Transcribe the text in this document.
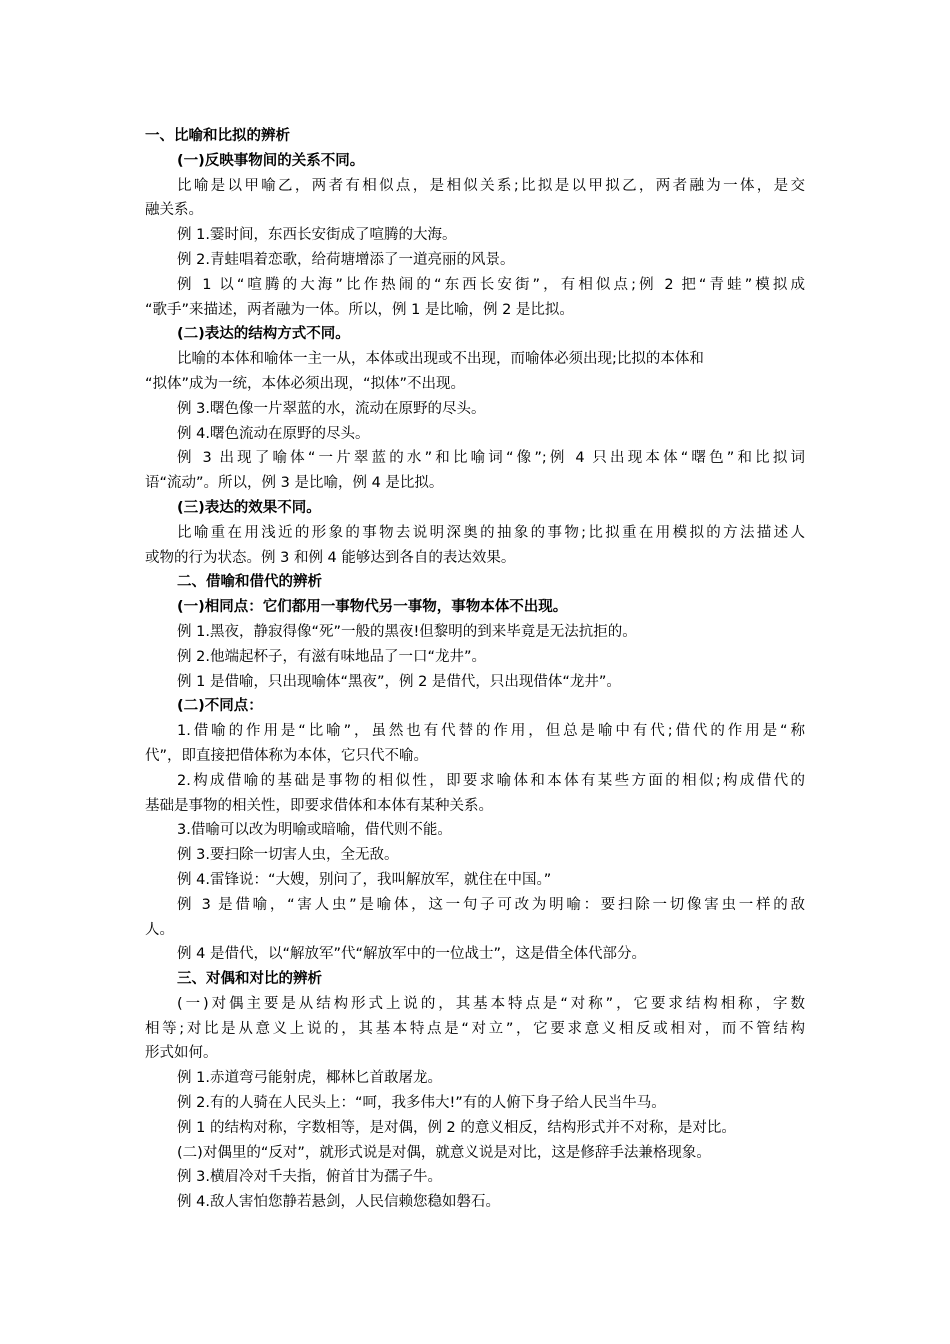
一、比喻和比拟的辨析
(一)反映事物间的关系不同。
比喻是以甲喻乙，两者有相似点，是相似关系;比拟是以甲拟乙，两者融为一体，是交
融关系。
例 1.霎时间，东西长安街成了喧腾的大海。
例 2.青蛙唱着恋歌，给荷塘增添了一道亮丽的风景。
例 1 以“喧腾的大海”比作热闹的“东西长安街”，有相似点;例 2 把“青蛙”模拟成
“歌手”来描述，两者融为一体。所以，例 1 是比喻，例 2 是比拟。
(二)表达的结构方式不同。
比喻的本体和喻体一主一从，本体或出现或不出现，而喻体必须出现;比拟的本体和
“拟体”成为一统，本体必须出现，“拟体”不出现。
例 3.曙色像一片翠蓝的水，流动在原野的尽头。
例 4.曙色流动在原野的尽头。
例 3 出现了喻体“一片翠蓝的水”和比喻词“像”;例 4 只出现本体“曙色”和比拟词
语“流动”。所以，例 3 是比喻，例 4 是比拟。
(三)表达的效果不同。
比喻重在用浅近的形象的事物去说明深奥的抽象的事物;比拟重在用模拟的方法描述人
或物的行为状态。例 3 和例 4 能够达到各自的表达效果。
二、借喻和借代的辨析
(一)相同点：它们都用一事物代另一事物，事物本体不出现。
例 1.黑夜，静寂得像“死”一般的黑夜!但黎明的到来毕竟是无法抗拒的。
例 2.他端起杯子，有滋有味地品了一口“龙井”。
例 1 是借喻，只出现喻体“黑夜”，例 2 是借代，只出现借体“龙井”。
(二)不同点：
1.借喻的作用是“比喻”，虽然也有代替的作用，但总是喻中有代;借代的作用是“称
代”，即直接把借体称为本体，它只代不喻。
2.构成借喻的基础是事物的相似性，即要求喻体和本体有某些方面的相似;构成借代的
基础是事物的相关性，即要求借体和本体有某种关系。
3.借喻可以改为明喻或暗喻，借代则不能。
例 3.要扫除一切害人虫，全无敌。
例 4.雷锋说：“大嫂，别问了，我叫解放军，就住在中国。”
例 3 是借喻，“害人虫”是喻体，这一句子可改为明喻：要扫除一切像害虫一样的敌
人。
例 4 是借代，以“解放军”代“解放军中的一位战士”，这是借全体代部分。
三、对偶和对比的辨析
(一)对偶主要是从结构形式上说的，其基本特点是“对称”，它要求结构相称，字数
相等;对比是从意义上说的，其基本特点是“对立”，它要求意义相反或相对，而不管结构
形式如何。
例 1.赤道弯弓能射虎，椰林匕首敢屠龙。
例 2.有的人骑在人民头上：“呵，我多伟大!”有的人俯下身子给人民当牛马。
例 1 的结构对称，字数相等，是对偶，例 2 的意义相反，结构形式并不对称，是对比。
(二)对偶里的“反对”，就形式说是对偶，就意义说是对比，这是修辞手法兼格现象。
例 3.横眉冷对千夫指，俯首甘为孺子牛。
例 4.敌人害怕您静若悬剑，人民信赖您稳如磐石。
